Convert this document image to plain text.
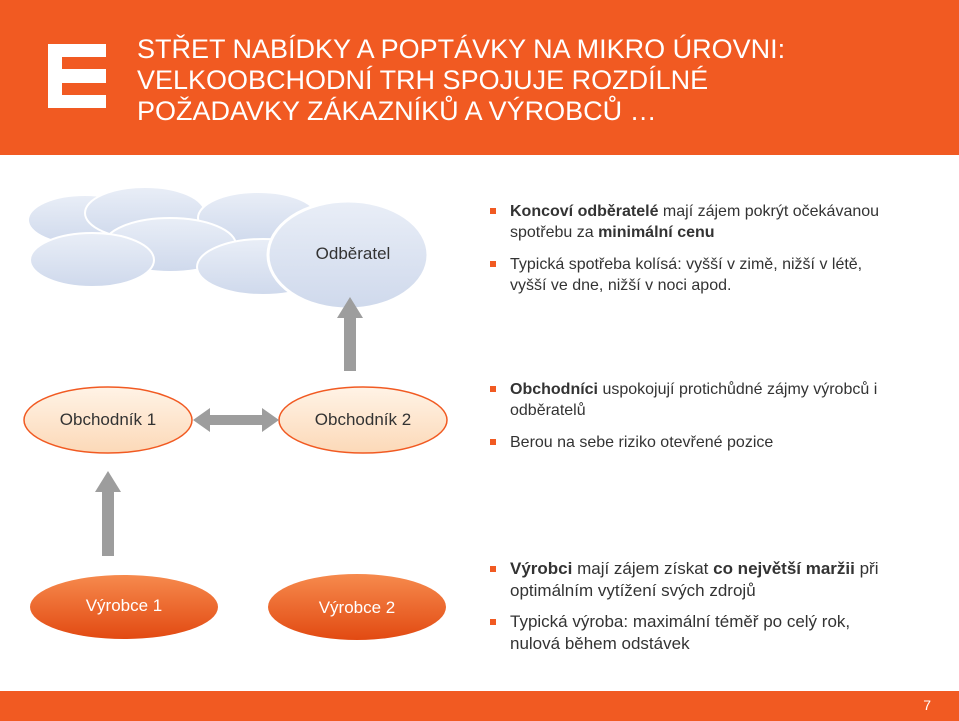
STŘET NABÍDKY A POPTÁVKY NA MIKRO ÚROVNI:
VELKOOBCHODNÍ TRH SPOJUJE ROZDÍLNÉ
POŽADAVKY ZÁKAZNÍKŮ A VÝROBCŮ …
Odběratel
Obchodník 1	Obchodník 2
Výrobce 1	Výrobce 2
Koncoví odběratelé mají zájem pokrýt očekávanou spotřebu za minimální cenu
Typická spotřeba kolísá: vyšší v zimě, nižší v létě, vyšší ve dne, nižší v noci apod.
Obchodníci uspokojují protichůdné zájmy výrobců i odběratelů
Berou na sebe riziko otevřené pozice
Výrobci mají zájem získat co největší maržii při optimálním vytížení svých zdrojů
Typická výroba: maximální téměř po celý rok, nulová během odstávek
7
